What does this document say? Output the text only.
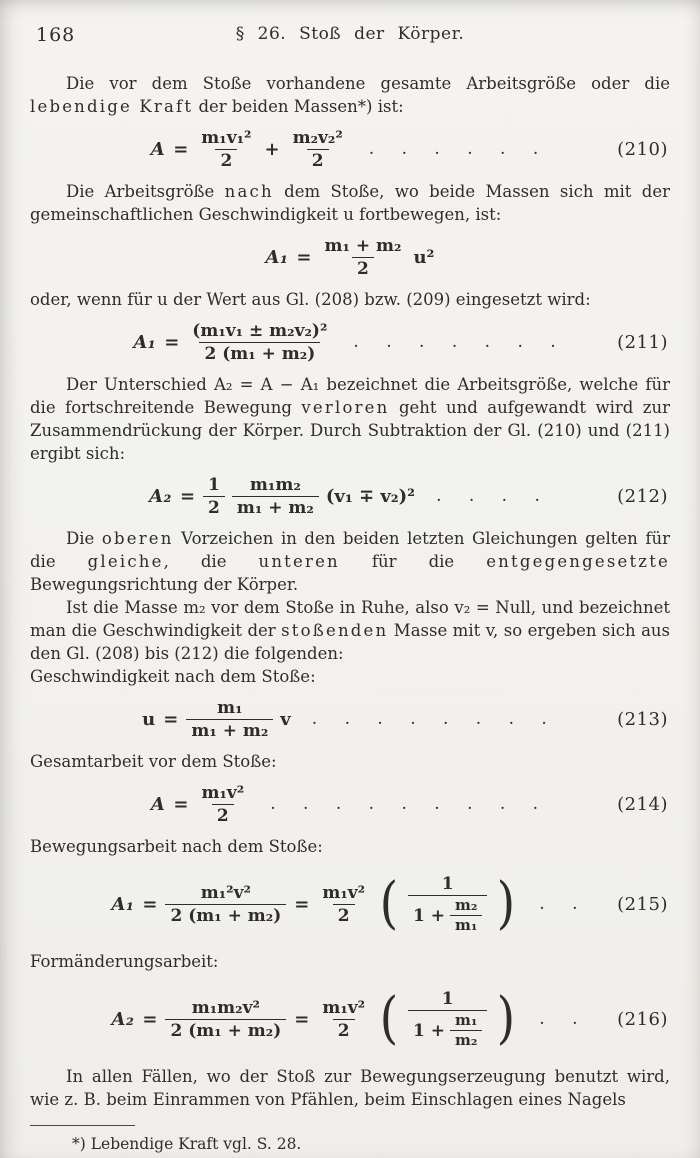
168	§ 26. Stoß der Körper.

Die vor dem Stoße vorhandene gesamte Arbeitsgröße oder die lebendige Kraft der beiden Massen*) ist:

$A = \frac{\text{m₁v₁²}}{2} + \frac{\text{m₂v₂²}}{2}$ . . . . . .	(210)

Die Arbeitsgröße nach dem Stoße, wo beide Massen sich mit der gemeinschaftlichen Geschwindigkeit u fortbewegen, ist:

$A_1 = \frac{\text{m₁ + m₂}}{2} u^2$

oder, wenn für u der Wert aus Gl. (208) bzw. (209) eingesetzt wird:

$A_1 = \frac{\text{(m₁v₁ ± m₂v₂)²}}{\text{2 (m₁ + m₂)}}$ . . . . . . .	(211)

Der Unterschied A₂ = A − A₁ bezeichnet die Arbeitsgröße, welche für die fortschreitende Bewegung verloren geht und aufgewandt wird zur Zusammendrückung der Körper. Durch Subtraktion der Gl. (210) und (211) ergibt sich:

$A_2 = \frac{1}{2} \frac{\text{m₁m₂}}{\text{m₁ + m₂}} (v_1 \mp v_2)^2$ . . . .	(212)

Die oberen Vorzeichen in den beiden letzten Gleichungen gelten für die gleiche, die unteren für die entgegengesetzte Bewegungsrichtung der Körper.

Ist die Masse m₂ vor dem Stoße in Ruhe, also v₂ = Null, und bezeichnet man die Geschwindigkeit der stoßenden Masse mit v, so ergeben sich aus den Gl. (208) bis (212) die folgenden:

Geschwindigkeit nach dem Stoße:

$u = \frac{\text{m₁}}{\text{m₁ + m₂}}$ v . . . . . . . .	(213)

Gesamtarbeit vor dem Stoße:

$A = \frac{\text{m₁v²}}{2}$ . . . . . . . . .	(214)

Bewegungsarbeit nach dem Stoße:

$A_1 = \frac{\text{m₁²v²}}{\text{2 (m₁ + m₂)}} = \frac{\text{m₁v²}}{2}$ ( $\frac{1}{1 + \frac{\text{m₂}}{\text{m₁}}}$ ) . . (215)

Formänderungsarbeit:

$A_2 = \frac{\text{m₁m₂v²}}{\text{2 (m₁ + m₂)}} = \frac{\text{m₁v²}}{2}$ ( $\frac{1}{1 + \frac{\text{m₁}}{\text{m₂}}}$ ) . . (216)

In allen Fällen, wo der Stoß zur Bewegungserzeugung benutzt wird, wie z. B. beim Einrammen von Pfählen, beim Einschlagen eines Nagels

*) Lebendige Kraft vgl. S. 28.
